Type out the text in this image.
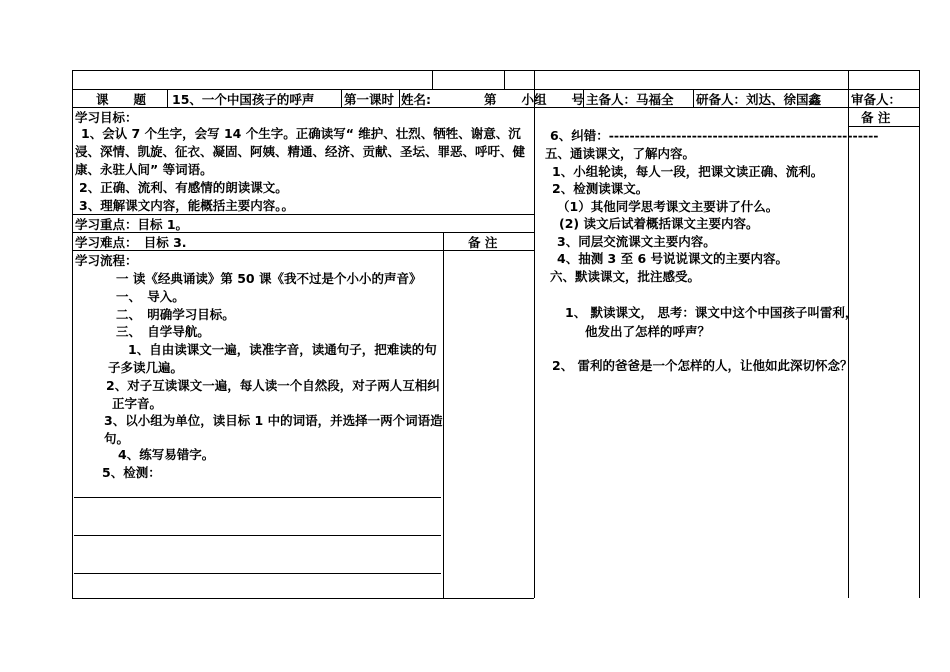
课　　题 15、一个中国孩子的呼声 第一课时 姓名:	第　　小组　　号 主备人：马福全 研备人：刘达、徐国鑫 审备人：
学习目标：
1、会认 7 个生字，会写 14 个生字。正确读写“ 维护、壮烈、牺牲、谢意、沉浸、深情、凯旋、征衣、凝固、阿姨、精通、经济、贡献、圣坛、罪恶、呼吁、健康、永驻人间” 等词语。
2、正确、流利、有感情的朗读课文。
3、理解课文内容，能概括主要内容。。
学习重点：目标 1。
学习难点：　目标 3.	备 注
学习流程：
一 读《经典诵读》第 50 课《我不过是个小小的声音》
一、　导入。
二、　明确学习目标。
三、　自学导航。
1、自由读课文一遍，读准字音，读通句子，把难读的句子多读几遍。
2、对子互读课文一遍，每人读一个自然段，对子两人互相纠正字音。
3、以小组为单位，读目标 1 中的词语，并选择一两个词语造句。
4、练写易错字。
5、检测：
备 注
6、纠错：----------------------------------------------------
五、通读课文，了解内容。
1、小组轮读，每人一段，把课文读正确、流利。
2、检测读课文。
（1）其他同学思考课文主要讲了什么。
(2) 读文后试着概括课文主要内容。
3、同层交流课文主要内容。
4、抽测 3 至 6 号说说课文的主要内容。
六、默读课文，批注感受。
1、 默读课文， 思考：课文中这个中国孩子叫雷利，他发出了怎样的呼声？
2、 雷利的爸爸是一个怎样的人，让他如此深切怀念？
